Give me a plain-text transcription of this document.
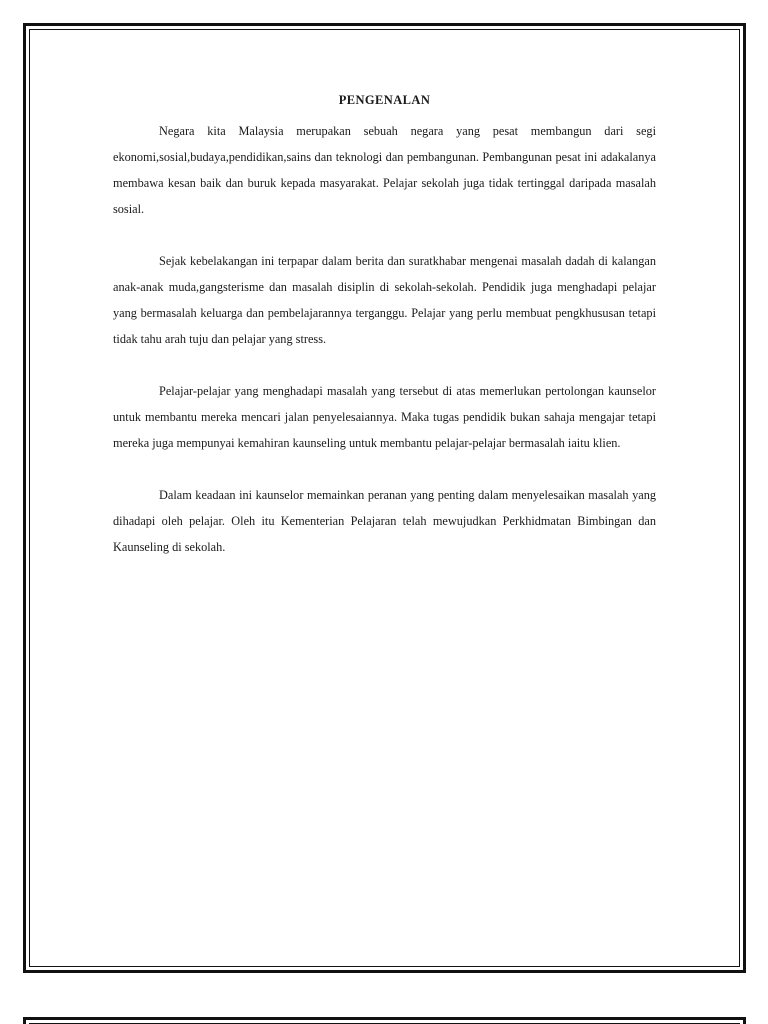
PENGENALAN

Negara kita Malaysia merupakan sebuah negara yang pesat membangun dari segi ekonomi,sosial,budaya,pendidikan,sains dan teknologi dan pembangunan. Pembangunan pesat ini adakalanya membawa kesan baik dan buruk kepada masyarakat. Pelajar sekolah juga tidak tertinggal daripada masalah sosial.

Sejak kebelakangan ini terpapar dalam berita dan suratkhabar mengenai masalah dadah di kalangan anak-anak muda,gangsterisme dan masalah disiplin di sekolah-sekolah. Pendidik juga menghadapi pelajar yang bermasalah keluarga dan pembelajarannya terganggu. Pelajar yang perlu membuat pengkhususan tetapi tidak tahu arah tuju dan pelajar yang stress.

Pelajar-pelajar yang menghadapi masalah yang tersebut di atas memerlukan pertolongan kaunselor untuk membantu mereka mencari jalan penyelesaiannya. Maka tugas pendidik bukan sahaja mengajar tetapi mereka juga mempunyai kemahiran kaunseling untuk membantu pelajar-pelajar bermasalah iaitu klien.

Dalam keadaan ini kaunselor memainkan peranan yang penting dalam menyelesaikan masalah yang dihadapi oleh pelajar. Oleh itu Kementerian Pelajaran telah mewujudkan Perkhidmatan Bimbingan dan Kaunseling di sekolah.
